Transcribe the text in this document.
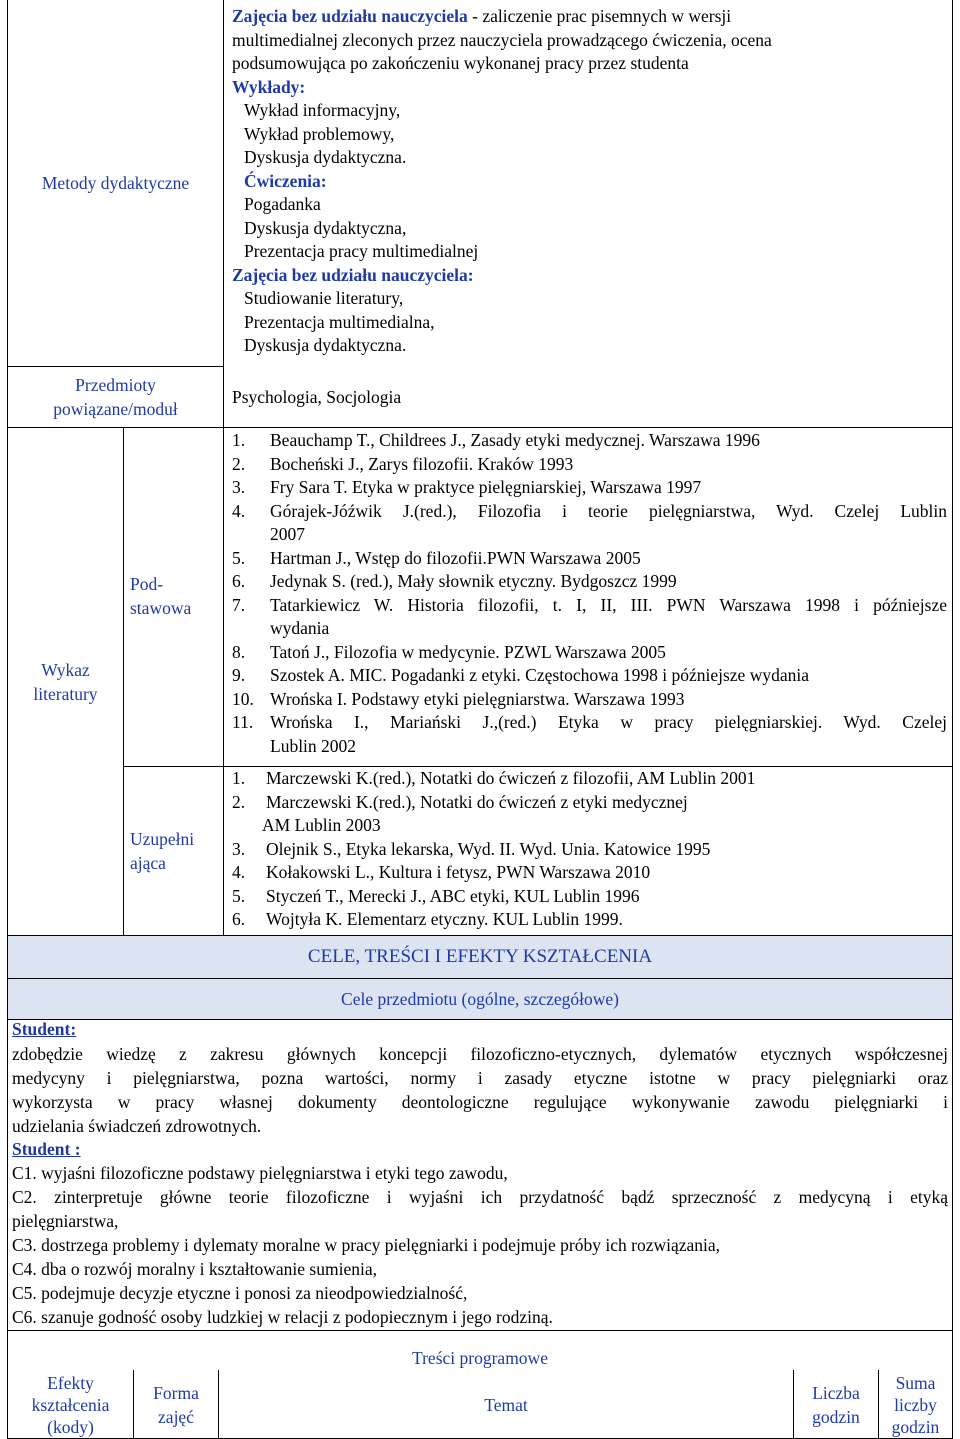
Metody dydaktyczne
Zajęcia bez udziału nauczyciela - zaliczenie prac pisemnych w wersji
multimedialnej zleconych przez nauczyciela prowadzącego ćwiczenia, ocena
podsumowująca po zakończeniu wykonanej pracy przez studenta
Wykłady:
Wykład informacyjny,
Wykład problemowy,
Dyskusja dydaktyczna.
Ćwiczenia:
Pogadanka
Dyskusja dydaktyczna,
Prezentacja pracy multimedialnej
Zajęcia bez udziału nauczyciela:
Studiowanie literatury,
Prezentacja multimedialna,
Dyskusja dydaktyczna.
Przedmioty
powiązane/moduł
Psychologia, Socjologia
Wykaz
literatury
Pod-
stawowa
Uzupełni
ająca
1. Beauchamp T., Childrees J., Zasady etyki medycznej. Warszawa 1996
2. Bocheński J., Zarys filozofii. Kraków 1993
3. Fry Sara T. Etyka w praktyce pielęgniarskiej, Warszawa 1997
4. Górajek-Jóźwik J.(red.), Filozofia i teorie pielęgniarstwa, Wyd. Czelej Lublin
2007
5. Hartman J., Wstęp do filozofii.PWN Warszawa 2005
6. Jedynak S. (red.), Mały słownik etyczny. Bydgoszcz 1999
7. Tatarkiewicz W. Historia filozofii, t. I, II, III. PWN Warszawa 1998 i późniejsze
wydania
8. Tatoń J., Filozofia w medycynie. PZWL Warszawa 2005
9. Szostek A. MIC. Pogadanki z etyki. Częstochowa 1998 i późniejsze wydania
10. Wrońska I. Podstawy etyki pielęgniarstwa. Warszawa 1993
11. Wrońska I., Mariański J.,(red.) Etyka w pracy pielęgniarskiej. Wyd. Czelej
Lublin 2002
1. Marczewski K.(red.), Notatki do ćwiczeń z filozofii, AM Lublin 2001
2. Marczewski K.(red.), Notatki do ćwiczeń z etyki medycznej
AM Lublin 2003
3. Olejnik S., Etyka lekarska, Wyd. II. Wyd. Unia. Katowice 1995
4. Kołakowski L., Kultura i fetysz, PWN Warszawa 2010
5. Styczeń T., Merecki J., ABC etyki, KUL Lublin 1996
6. Wojtyła K. Elementarz etyczny. KUL Lublin 1999.
CELE, TREŚCI I EFEKTY KSZTAŁCENIA
Cele przedmiotu (ogólne, szczegółowe)
Student:
zdobędzie wiedzę z zakresu głównych koncepcji filozoficzno-etycznych, dylematów etycznych współczesnej
medycyny i pielęgniarstwa, pozna wartości, normy i zasady etyczne istotne w pracy pielęgniarki oraz
wykorzysta w pracy własnej dokumenty deontologiczne regulujące wykonywanie zawodu pielęgniarki i
udzielania świadczeń zdrowotnych.
Student :
C1. wyjaśni filozoficzne podstawy pielęgniarstwa i etyki tego zawodu,
C2. zinterpretuje główne teorie filozoficzne i wyjaśni ich przydatność bądź sprzeczność z medycyną i etyką
pielęgniarstwa,
C3. dostrzega problemy i dylematy moralne w pracy pielęgniarki i podejmuje próby ich rozwiązania,
C4. dba o rozwój moralny i kształtowanie sumienia,
C5. podejmuje decyzje etyczne i ponosi za nieodpowiedzialność,
C6. szanuje godność osoby ludzkiej w relacji z podopiecznym i jego rodziną.
Treści programowe
Efekty
kształcenia
(kody)
Forma
zajęć
Temat
Liczba
godzin
Suma
liczby
godzin
